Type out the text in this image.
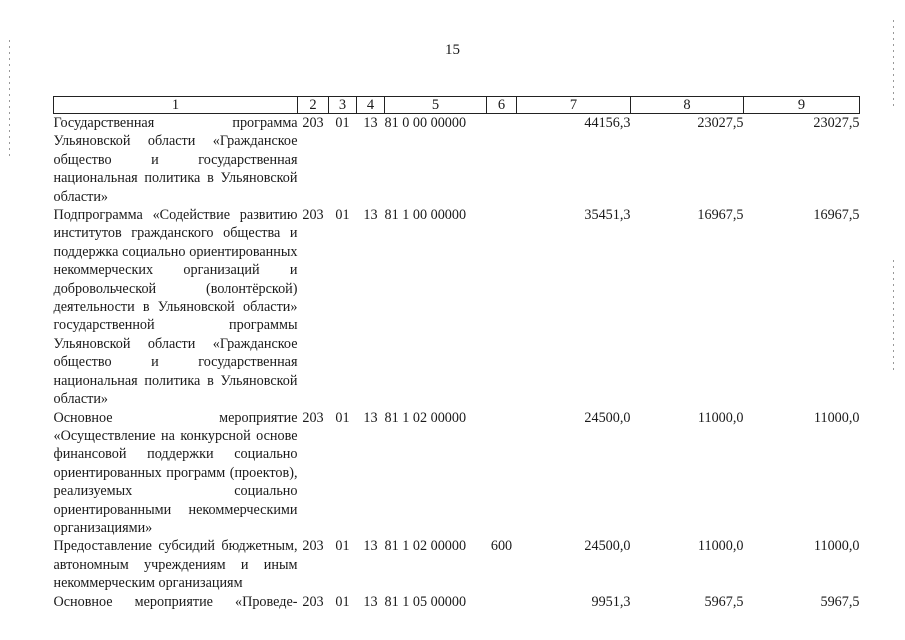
15
1	2	3	4	5	6	7	8	9
Государственная программа Ульяновской области «Гражданское общество и государственная национальная политика в Ульяновской области»	203	01	13	81 0 00 00000		44156,3	23027,5	23027,5
Подпрограмма «Содействие развитию институтов гражданского общества и поддержка социально ориентированных некоммерческих организаций и добровольческой (волонтёрской) деятельности в Ульяновской области» государственной программы Ульяновской области «Гражданское общество и государственная национальная политика в Ульяновской области»	203	01	13	81 1 00 00000		35451,3	16967,5	16967,5
Основное мероприятие «Осуществление на конкурсной основе финансовой поддержки социально ориентированных программ (проектов), реализуемых социально ориентированными некоммерческими организациями»	203	01	13	81 1 02 00000		24500,0	11000,0	11000,0
Предоставление субсидий бюджетным, автономным учреждениям и иным некоммерческим организациям	203	01	13	81 1 02 00000	600	24500,0	11000,0	11000,0
Основное мероприятие «Проведе-	203	01	13	81 1 05 00000		9951,3	5967,5	5967,5
